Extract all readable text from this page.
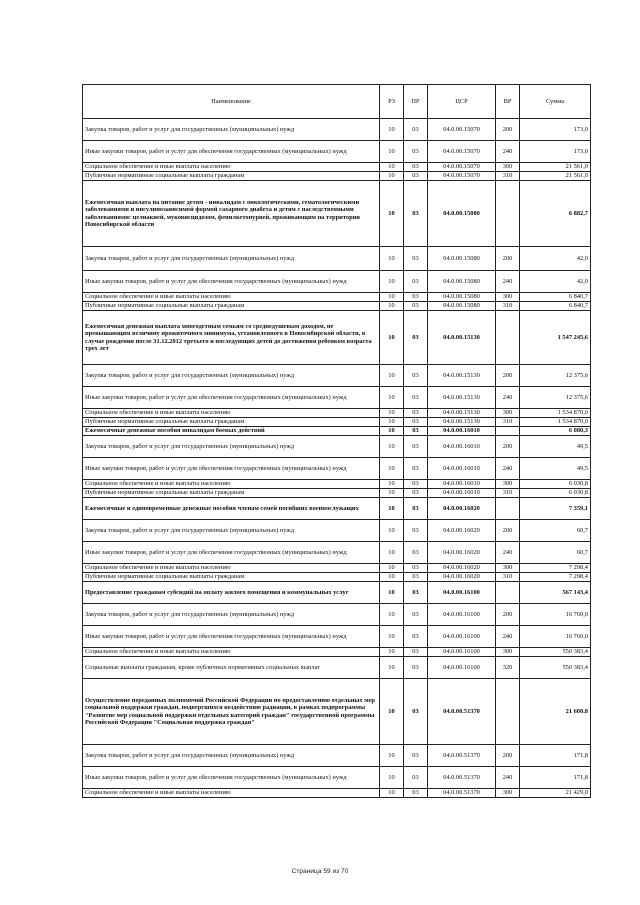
Наименование	РЗ	ПР	ЦСР	ВР	Сумма
Закупка товаров, работ и услуг для государственных (муниципальных) нужд	10	03	04.0.00.15070	200	173,0
Иные закупки товаров, работ и услуг для обеспечения государственных (муниципальных) нужд	10	03	04.0.00.15070	240	173,0
Социальное обеспечение и иные выплаты населению	10	03	04.0.00.15070	300	21 561,0
Публичные нормативные социальные выплаты гражданам	10	03	04.0.00.15070	310	21 561,0
Ежемесячная выплата на питание детям - инвалидам с онкологическими, гематологическими заболеваниями и инсулинозависимой формой сахарного диабета и детям с наследственными заболеваниями: целиакией, муковисцидозом, фенилкетонурией, проживающим на территории Новосибирской области	10	03	04.0.00.15080		6 882,7
Закупка товаров, работ и услуг для государственных (муниципальных) нужд	10	03	04.0.00.15080	200	42,0
Иные закупки товаров, работ и услуг для обеспечения государственных (муниципальных) нужд	10	03	04.0.00.15080	240	42,0
Социальное обеспечение и иные выплаты населению	10	03	04.0.00.15080	300	6 840,7
Публичные нормативные социальные выплаты гражданам	10	03	04.0.00.15080	310	6 840,7
Ежемесячная денежная выплата многодетным семьям со среднедушевым доходом, не превышающим величину прожиточного минимума, установленного в Новосибирской области, в случае рождения после 31.12.2012 третьего и последующих детей до достижения ребенком возраста трех лет	10	03	04.0.00.15130		1 547 245,6
Закупка товаров, работ и услуг для государственных (муниципальных) нужд	10	03	04.0.00.15130	200	12 375,6
Иные закупки товаров, работ и услуг для обеспечения государственных (муниципальных) нужд	10	03	04.0.00.15130	240	12 375,6
Социальное обеспечение и иные выплаты населению	10	03	04.0.00.15130	300	1 534 870,0
Публичные нормативные социальные выплаты гражданам	10	03	04.0.00.15130	310	1 534 870,0
Ежемесячные денежные пособия инвалидам боевых действий	10	03	04.0.00.16010		6 080,3
Закупка товаров, работ и услуг для государственных (муниципальных) нужд	10	03	04.0.00.16010	200	49,5
Иные закупки товаров, работ и услуг для обеспечения государственных (муниципальных) нужд	10	03	04.0.00.16010	240	49,5
Социальное обеспечение и иные выплаты населению	10	03	04.0.00.16010	300	6 030,8
Публичные нормативные социальные выплаты гражданам	10	03	04.0.00.16010	310	6 030,8
Ежемесячные и единовременные денежные пособия членам семей погибших военнослужащих	10	03	04.0.00.16020		7 359,1
Закупка товаров, работ и услуг для государственных (муниципальных) нужд	10	03	04.0.00.16020	200	60,7
Иные закупки товаров, работ и услуг для обеспечения государственных (муниципальных) нужд	10	03	04.0.00.16020	240	60,7
Социальное обеспечение и иные выплаты населению	10	03	04.0.00.16020	300	7 298,4
Публичные нормативные социальные выплаты гражданам	10	03	04.0.00.16020	310	7 298,4
Предоставление гражданам субсидий на оплату жилого помещения и коммунальных услуг	10	03	04.0.00.16100		567 143,4
Закупка товаров, работ и услуг для государственных (муниципальных) нужд	10	03	04.0.00.16100	200	16 760,0
Иные закупки товаров, работ и услуг для обеспечения государственных (муниципальных) нужд	10	03	04.0.00.16100	240	16 760,0
Социальное обеспечение и иные выплаты населению	10	03	04.0.00.16100	300	550 383,4
Социальные выплаты гражданам, кроме публичных нормативных социальных выплат	10	03	04.0.00.16100	320	550 383,4
Осуществление переданных полномочий Российской Федерации по предоставлению отдельных мер социальной поддержки граждан, подвергшихся воздействию радиации, в рамках подпрограммы "Развитие мер социальной поддержки отдельных категорий граждан" государственной программы Российской Федерации "Социальная поддержка граждан"	10	03	04.0.00.51370		21 600,8
Закупка товаров, работ и услуг для государственных (муниципальных) нужд	10	03	04.0.00.51370	200	171,8
Иные закупки товаров, работ и услуг для обеспечения государственных (муниципальных) нужд	10	03	04.0.00.51370	240	171,8
Социальное обеспечение и иные выплаты населению	10	03	04.0.00.51370	300	21 429,0
Страница 59 из 70
